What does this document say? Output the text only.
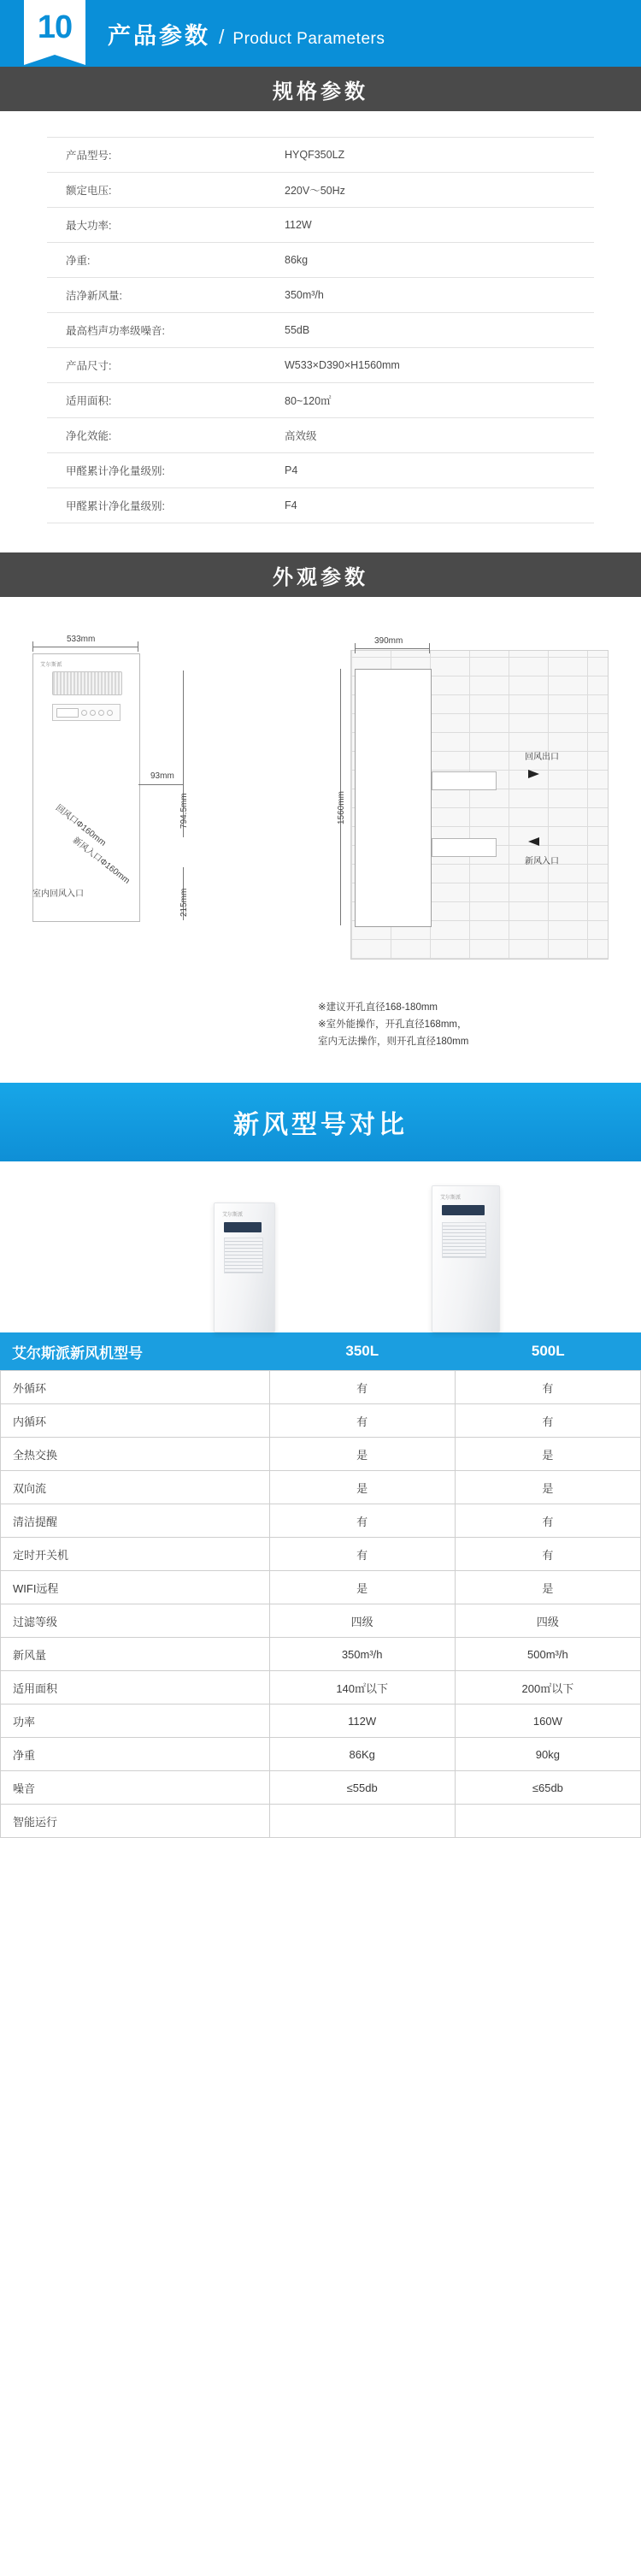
10	产品参数 / Product Parameters
规格参数
产品型号:	HYQF350LZ
额定电压:	220V～50Hz
最大功率:	112W
净重:	86kg
洁净新风量:	350m³/h
最高档声功率级噪音:	55dB
产品尺寸:	W533×D390×H1560mm
适用面积:	80~120㎡
净化效能:	高效级
甲醛累计净化量级别:	P4
甲醛累计净化量级别:	F4
外观参数
533mm
艾尔斯派
93mm
回风口Φ160mm
新风入口Φ160mm
室内回风入口
794.5mm
215mm
390mm
1560mm
回风出口
新风入口
※建议开孔直径168-180mm
※室外能操作，开孔直径168mm，
室内无法操作，则开孔直径180mm
新风型号对比
艾尔斯派
艾尔斯派
艾尔斯派新风机型号	350L	500L
外循环	有	有
内循环	有	有
全热交换	是	是
双向流	是	是
清洁提醒	有	有
定时开关机	有	有
WIFI远程	是	是
过滤等级	四级	四级
新风量	350m³/h	500m³/h
适用面积	140㎡以下	200㎡以下
功率	112W	160W
净重	86Kg	90kg
噪音	≤55db	≤65db
智能运行		
